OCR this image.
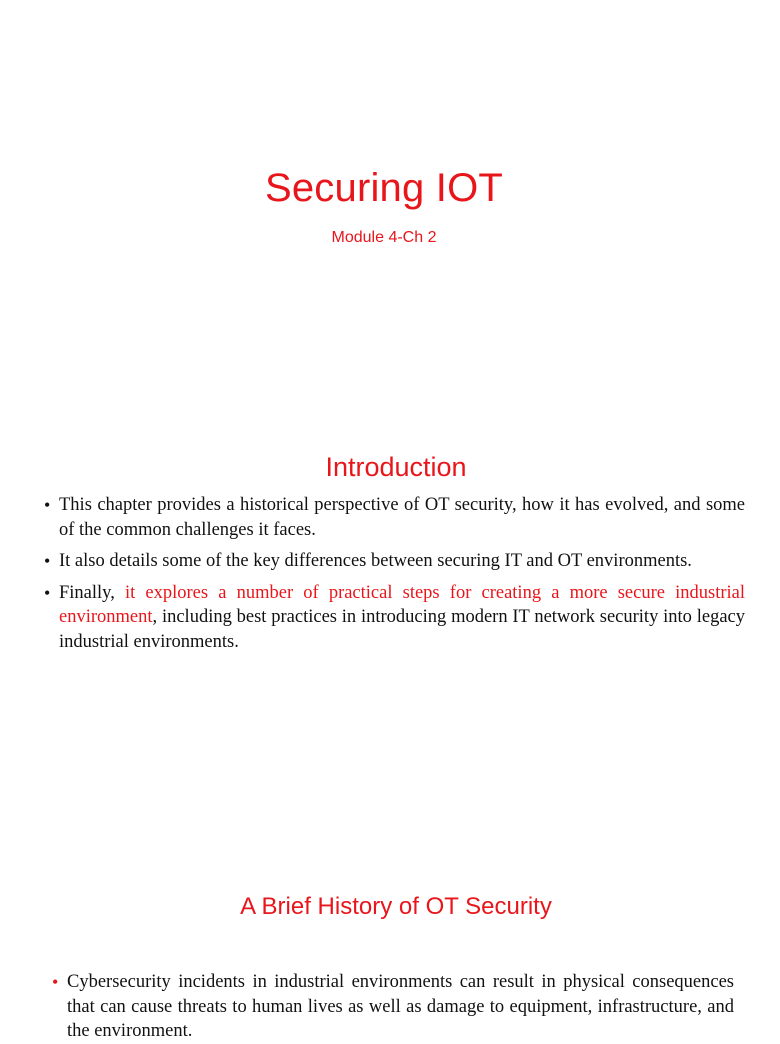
Securing IOT

Module 4-Ch 2

Introduction
• This chapter provides a historical perspective of OT security, how it has evolved, and some of the common challenges it faces.
• It also details some of the key differences between securing IT and OT environments.
• Finally, it explores a number of practical steps for creating a more secure industrial environment, including best practices in introducing modern IT network security into legacy industrial environments.
A Brief History of OT Security
• Cybersecurity incidents in industrial environments can result in physical consequences that can cause threats to human lives as well as damage to equipment, infrastructure, and the environment.
